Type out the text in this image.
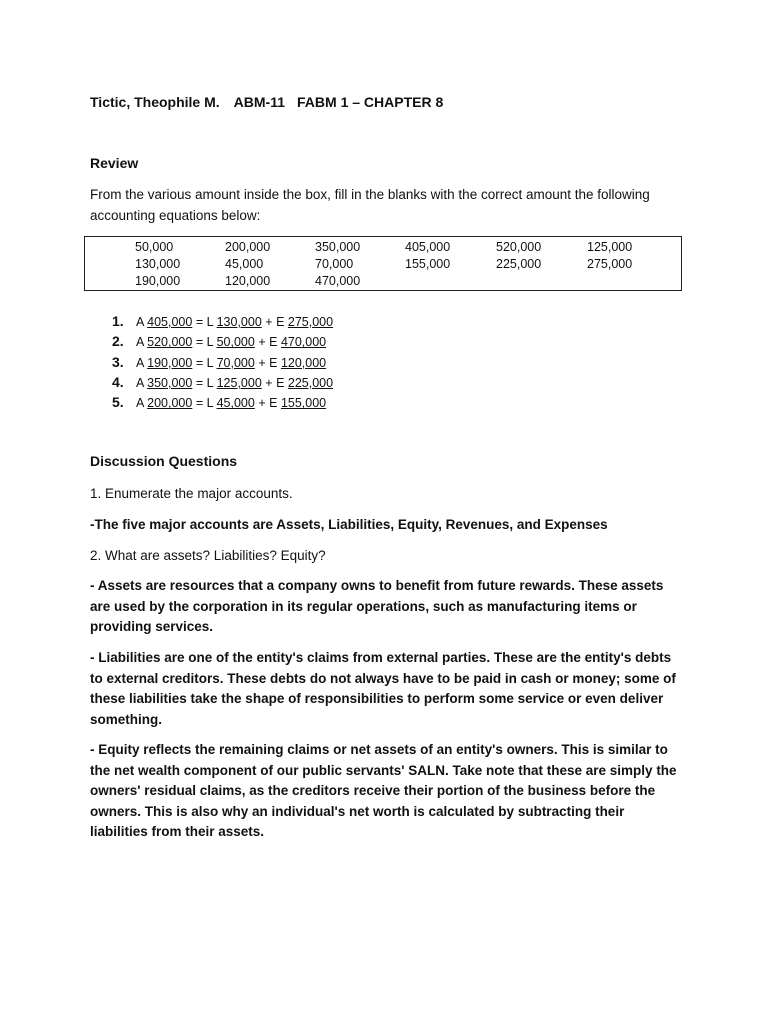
Tictic, Theophile M. ABM-11 FABM 1 – CHAPTER 8
Review
From the various amount inside the box, fill in the blanks with the correct amount the following accounting equations below:
50,000	200,000	350,000	405,000	520,000	125,000
130,000	45,000	70,000	155,000	225,000	275,000
190,000	120,000	470,000
1. A 405,000 = L 130,000 + E 275,000
2. A 520,000 = L 50,000 + E 470,000
3. A 190,000 = L 70,000 + E 120,000
4. A 350,000 = L 125,000 + E 225,000
5. A 200,000 = L 45,000 + E 155,000
Discussion Questions
1. Enumerate the major accounts.
-The five major accounts are Assets, Liabilities, Equity, Revenues, and Expenses
2. What are assets? Liabilities? Equity?
- Assets are resources that a company owns to benefit from future rewards. These assets are used by the corporation in its regular operations, such as manufacturing items or providing services.
- Liabilities are one of the entity's claims from external parties. These are the entity's debts to external creditors. These debts do not always have to be paid in cash or money; some of these liabilities take the shape of responsibilities to perform some service or even deliver something.
- Equity reflects the remaining claims or net assets of an entity's owners. This is similar to the net wealth component of our public servants' SALN. Take note that these are simply the owners' residual claims, as the creditors receive their portion of the business before the owners. This is also why an individual's net worth is calculated by subtracting their liabilities from their assets.
